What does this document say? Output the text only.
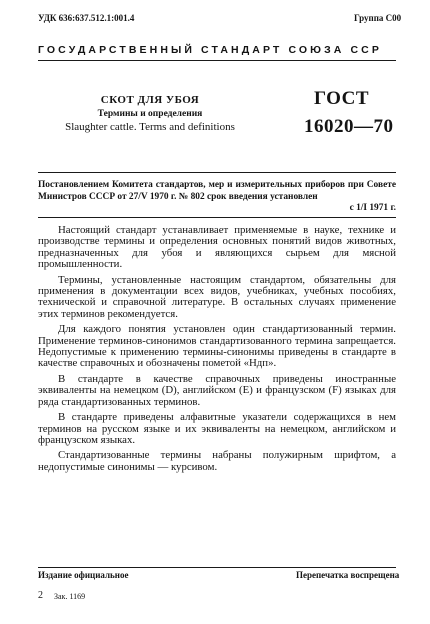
УДК 636:637.512.1:001.4	Группа С00
ГОСУДАРСТВЕННЫЙ СТАНДАРТ СОЮЗА ССР
СКОТ ДЛЯ УБОЯ
Термины и определения
Slaughter cattle. Terms and definitions
ГОСТ
16020—70
Постановлением Комитета стандартов, мер и измерительных приборов при Совете Министров СССР от 27/V 1970 г. № 802 срок введения установлен
с 1/I 1971 г.

Настоящий стандарт устанавливает применяемые в науке, технике и производстве термины и определения основных понятий видов животных, предназначенных для убоя и являющихся сырьем для мясной промышленности.

Термины, установленные настоящим стандартом, обязательны для применения в документации всех видов, учебниках, учебных пособиях, технической и справочной литературе. В остальных случаях применение этих терминов рекомендуется.

Для каждого понятия установлен один стандартизованный термин. Применение терминов-синонимов стандартизованного термина запрещается. Недопустимые к применению термины-синонимы приведены в стандарте в качестве справочных и обозначены пометой «Ндп».

В стандарте в качестве справочных приведены иностранные эквиваленты на немецком (D), английском (E) и французском (F) языках для ряда стандартизованных терминов.

В стандарте приведены алфавитные указатели содержащихся в нем терминов на русском языке и их эквиваленты на немецком, английском и французском языках.

Стандартизованные термины набраны полужирным шрифтом, а недопустимые синонимы — курсивом.

Издание официальное	Перепечатка воспрещена
2 Зак. 1169
